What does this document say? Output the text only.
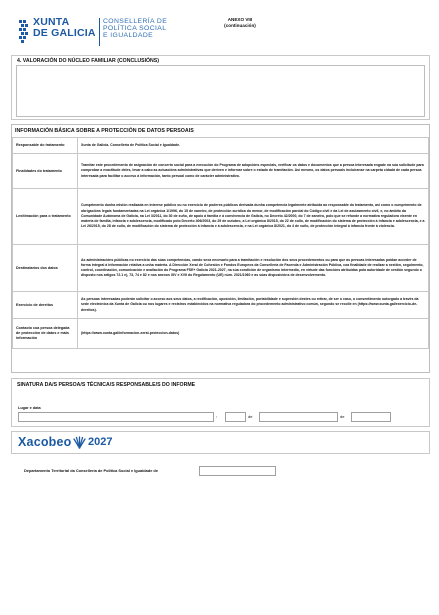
XUNTA
DE GALICIA
CONSELLERÍA DE
POLÍTICA SOCIAL
E IGUALDADE
ANEXO VIII
(continuación)
4. VALORACIÓN DO NÚCLEO FAMILIAR (CONCLUSIÓNS)
INFORMACIÓN BÁSICA SOBRE A PROTECCIÓN DE DATOS PERSOAIS
Responsable do tratamento	Xunta de Galicia. Consellería de Política Social e Igualdade.
Finalidades do tratamento	Tramitar este procedemento de asignación de concerto social para a execución do Programa de adopcións especiais, verificar os datos e documentos que a persoa interesada engade na súa solicitude para comprobar a exactitude deles, levar a cabo as actuacións administrativas que deriven e informar sobre o estado de tramitación. Así mesmo, os datos persoais incluiranse na carpeta cidadá de cada persoa interesada para facilitar o acceso á información, tanto persoal como de carácter administrativo.
Lexitimación para o tratamento	Cumprimento dunha misión realizada en interese público ou no exercicio de poderes públicos derivada dunha competencia legalmente atribuída ao responsable do tratamento, así como o cumprimento de obrigacións legais fundamentadas na Lei orgánica 1/1996, do 15 de xaneiro, de protección xurídica do menor, de modificación parcial do Código civil e da Lei de axuizamento civil, e, no ámbito da Comunidade Autónoma de Galicia, na Lei 3/2011, do 30 de xuño, de apoio á familia e á convivencia de Galicia, no Decreto 42/2000, do 7 de xaneiro, polo que se refunde a normativa reguladora vixente en materia de familia, infancia e adolescencia, modificado polo Decreto 406/2003, do 29 de outubro, a Lei orgánica 8/2015, do 22 de xullo, de modificación do sistema de protección á infancia e adolescencia, e a Lei 26/2015, do 28 de xullo, de modificación do sistema de protección á infancia e á adolescencia, e na Lei orgánica 8/2021, do 4 de xuño, de protección integral á infancia fronte á violencia.
Destinatarios dos datos	As administracións públicas no exercicio das súas competencias, cando sexa necesario para a tramitación e resolución dos seus procedementos ou para que as persoas interesadas poidan acceder de forma integral á información relativa a unha materia. A Dirección Xeral de Cohesión e Fondos Europeos da Consellería de Facenda e Administración Pública, coa finalidade de realizar a xestión, seguimento, control, coordinación, comunicación e avaliación do Programa FSE+ Galicia 2021-2027, na súa condición de organismo intermedio, en virtude das funcións atribuídas pola autoridade de xestión segundo o disposto nos artigos 72.1 e), 73, 74 e 82 e nos anexos XIV e XVII do Regulamento (UE) núm. 2021/1060 e as súas disposicións de desenvolvemento.
Exercicio de dereitos	As persoas interesadas poderán solicitar o acceso aos seus datos, a rectificación, oposición, limitación, portabilidade e supresión destes ou retirar, de ser o caso, o consentimento outorgado a través da sede electrónica da Xunta de Galicia ou nos lugares e rexistros establecidos na normativa reguladora do procedemento administrativo común, segundo se recolle en (https://www.xunta.gal/exercicio-de-dereitos).
Contacto coa persoa delegada de protección de datos e máis información	(https://www.xunta.gal/informacion-xeral-proteccion-datos)
SINATURA DA/S PERSOA/S TÉCNICA/S RESPONSABLE/S DO INFORME
Lugar e data
,	de	de
Xacobeo 2027
Departamento Territorial da Consellería de Política Social e Igualdade de
